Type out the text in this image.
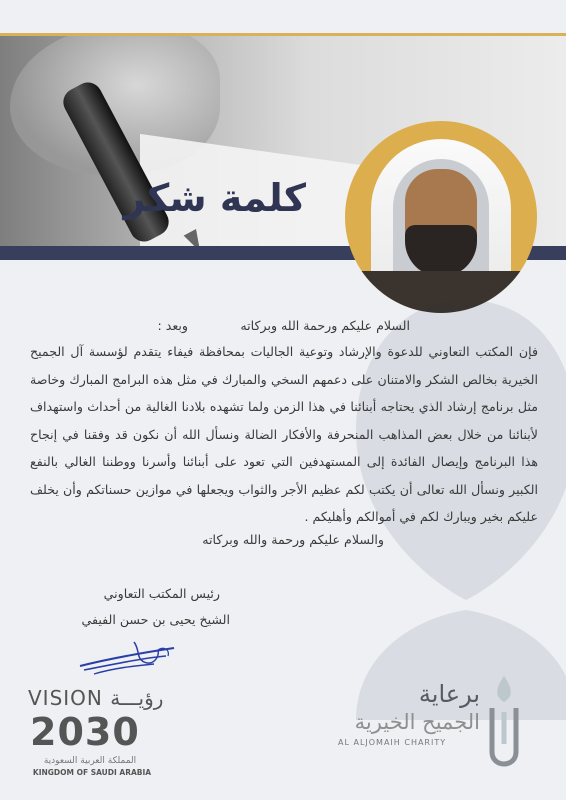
كلمة شكر
السلام عليكم ورحمة الله وبركاته
وبعد :
فإن المكتب التعاوني للدعوة والإرشاد وتوعية الجاليات بمحافظة فيفاء يتقدم لؤسسة آل الجميح الخيرية بخالص الشكر والامتنان على دعمهم السخي والمبارك في مثل هذه البرامج المبارك وخاصة مثل برنامج إرشاد الذي يحتاجه أبنائنا في هذا الزمن ولما تشهده بلادنا الغالية من أحداث واستهداف لأبنائنا من خلال بعض المذاهب المنحرفة والأفكار الضالة ونسأل الله أن نكون قد وفقنا في إنجاح هذا البرنامج وإيصال الفائدة إلى المستهدفين التي تعود على أبنائنا وأسرنا ووطننا الغالي بالنفع الكبير ونسأل الله تعالى أن يكتب لكم عظيم الأجر والثواب ويجعلها في موازين حسناتكم وأن يخلف عليكم بخير ويبارك لكم في أموالكم وأهليكم .
والسلام عليكم ورحمة والله وبركاته
رئيس المكتب التعاوني
الشيخ يحيى بن حسن الفيفي
VISION رؤيـــة
2030
المملكة العربية السعودية
KINGDOM OF SAUDI ARABIA
برعاية
الجميح الخيرية
AL ALJOMAIH CHARITY
